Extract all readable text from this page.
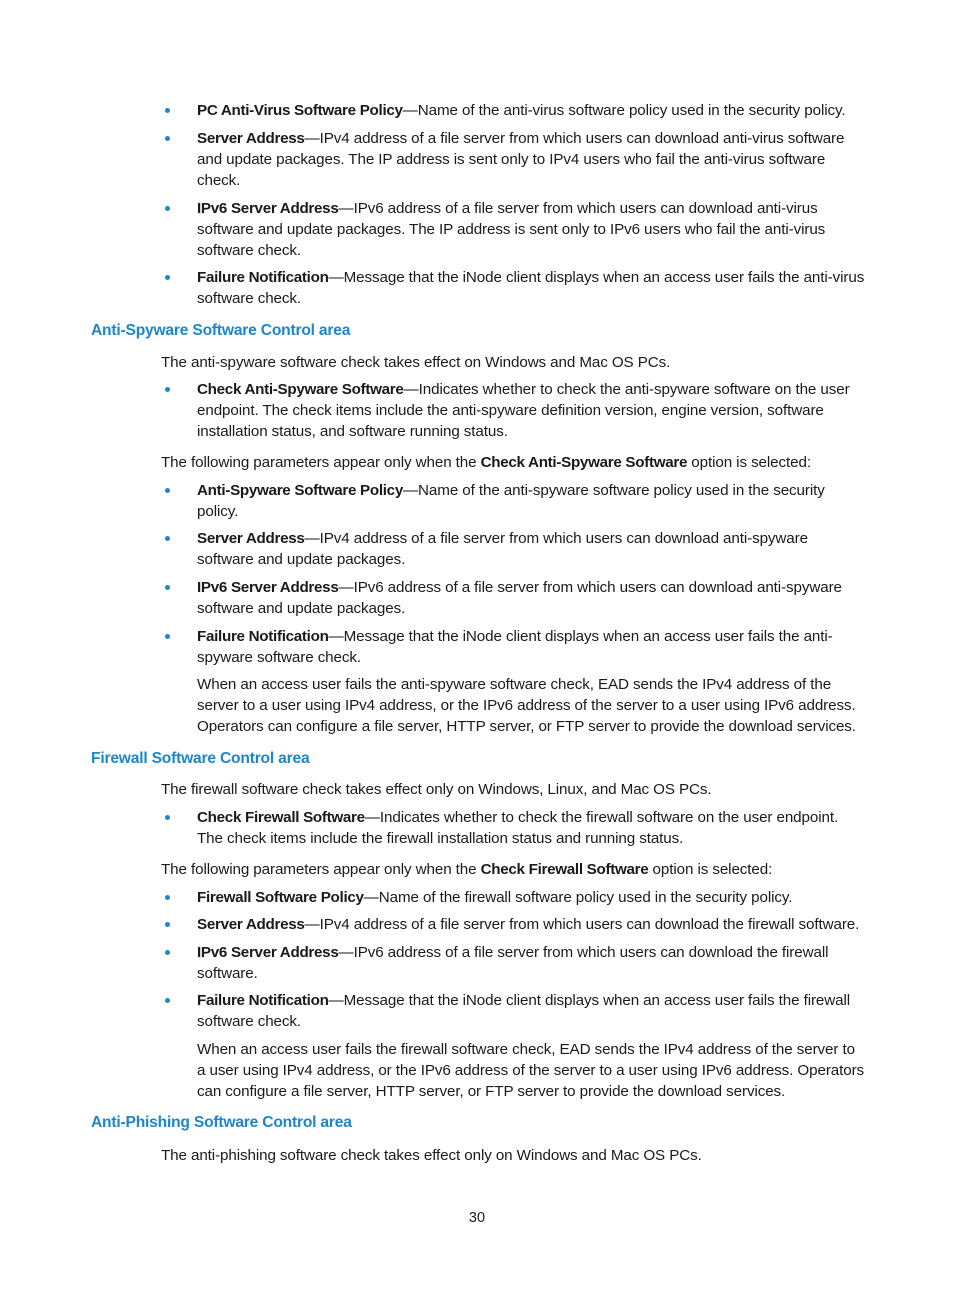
PC Anti-Virus Software Policy—Name of the anti-virus software policy used in the security policy.
Server Address—IPv4 address of a file server from which users can download anti-virus software and update packages. The IP address is sent only to IPv4 users who fail the anti-virus software check.
IPv6 Server Address—IPv6 address of a file server from which users can download anti-virus software and update packages. The IP address is sent only to IPv6 users who fail the anti-virus software check.
Failure Notification—Message that the iNode client displays when an access user fails the anti-virus software check.
Anti-Spyware Software Control area
The anti-spyware software check takes effect on Windows and Mac OS PCs.
Check Anti-Spyware Software—Indicates whether to check the anti-spyware software on the user endpoint. The check items include the anti-spyware definition version, engine version, software installation status, and software running status.
The following parameters appear only when the Check Anti-Spyware Software option is selected:
Anti-Spyware Software Policy—Name of the anti-spyware software policy used in the security policy.
Server Address—IPv4 address of a file server from which users can download anti-spyware software and update packages.
IPv6 Server Address—IPv6 address of a file server from which users can download anti-spyware software and update packages.
Failure Notification—Message that the iNode client displays when an access user fails the anti-spyware software check.
When an access user fails the anti-spyware software check, EAD sends the IPv4 address of the server to a user using IPv4 address, or the IPv6 address of the server to a user using IPv6 address. Operators can configure a file server, HTTP server, or FTP server to provide the download services.
Firewall Software Control area
The firewall software check takes effect only on Windows, Linux, and Mac OS PCs.
Check Firewall Software—Indicates whether to check the firewall software on the user endpoint. The check items include the firewall installation status and running status.
The following parameters appear only when the Check Firewall Software option is selected:
Firewall Software Policy—Name of the firewall software policy used in the security policy.
Server Address—IPv4 address of a file server from which users can download the firewall software.
IPv6 Server Address—IPv6 address of a file server from which users can download the firewall software.
Failure Notification—Message that the iNode client displays when an access user fails the firewall software check.
When an access user fails the firewall software check, EAD sends the IPv4 address of the server to a user using IPv4 address, or the IPv6 address of the server to a user using IPv6 address. Operators can configure a file server, HTTP server, or FTP server to provide the download services.
Anti-Phishing Software Control area
The anti-phishing software check takes effect only on Windows and Mac OS PCs.
30
